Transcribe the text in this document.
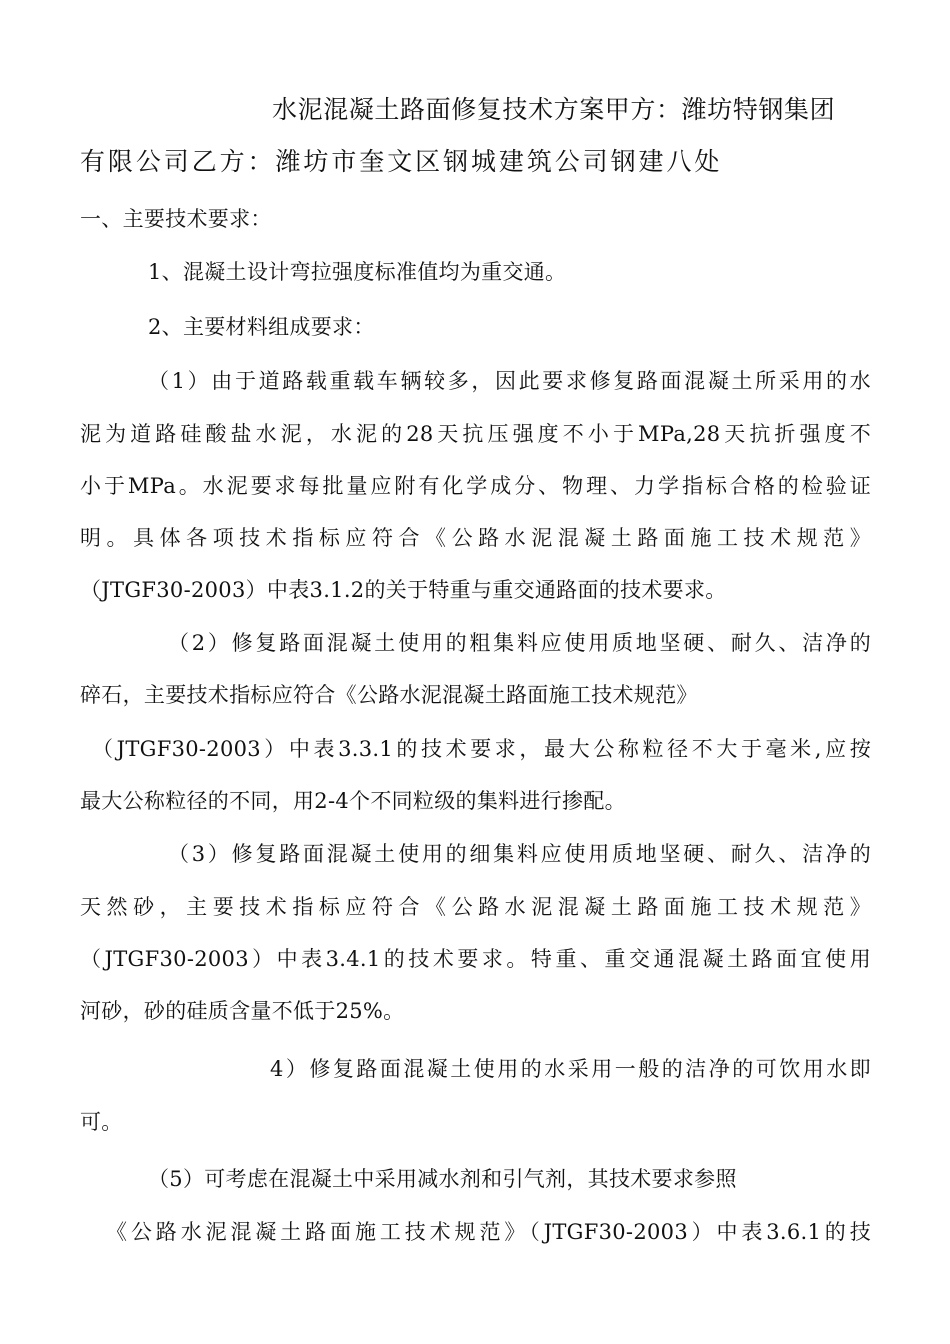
水泥混凝土路面修复技术方案甲方：潍坊特钢集团
有限公司乙方：潍坊市奎文区钢城建筑公司钢建八处
一、主要技术要求：
1、混凝土设计弯拉强度标准值均为重交通。
2、主要材料组成要求：
（1）由于道路载重载车辆较多，因此要求修复路面混凝土所采用的水
泥为道路硅酸盐水泥，水泥的28天抗压强度不小于MPa,28天抗折强度不
小于MPa。水泥要求每批量应附有化学成分、物理、力学指标合格的检验证
明。具体各项技术指标应符合《公路水泥混凝土路面施工技术规范》
（JTGF30-2003）中表3.1.2的关于特重与重交通路面的技术要求。
（2）修复路面混凝土使用的粗集料应使用质地坚硬、耐久、洁净的
碎石，主要技术指标应符合《公路水泥混凝土路面施工技术规范》
（JTGF30-2003）中表3.3.1的技术要求，最大公称粒径不大于毫米,应按
最大公称粒径的不同，用2-4个不同粒级的集料进行掺配。
（3）修复路面混凝土使用的细集料应使用质地坚硬、耐久、洁净的
天然砂，主要技术指标应符合《公路水泥混凝土路面施工技术规范》
（JTGF30-2003）中表3.4.1的技术要求。特重、重交通混凝土路面宜使用
河砂，砂的硅质含量不低于25%。
4）修复路面混凝土使用的水采用一般的洁净的可饮用水即
可。
（5）可考虑在混凝土中采用减水剂和引气剂，其技术要求参照
《公路水泥混凝土路面施工技术规范》（JTGF30-2003）中表3.6.1的技
